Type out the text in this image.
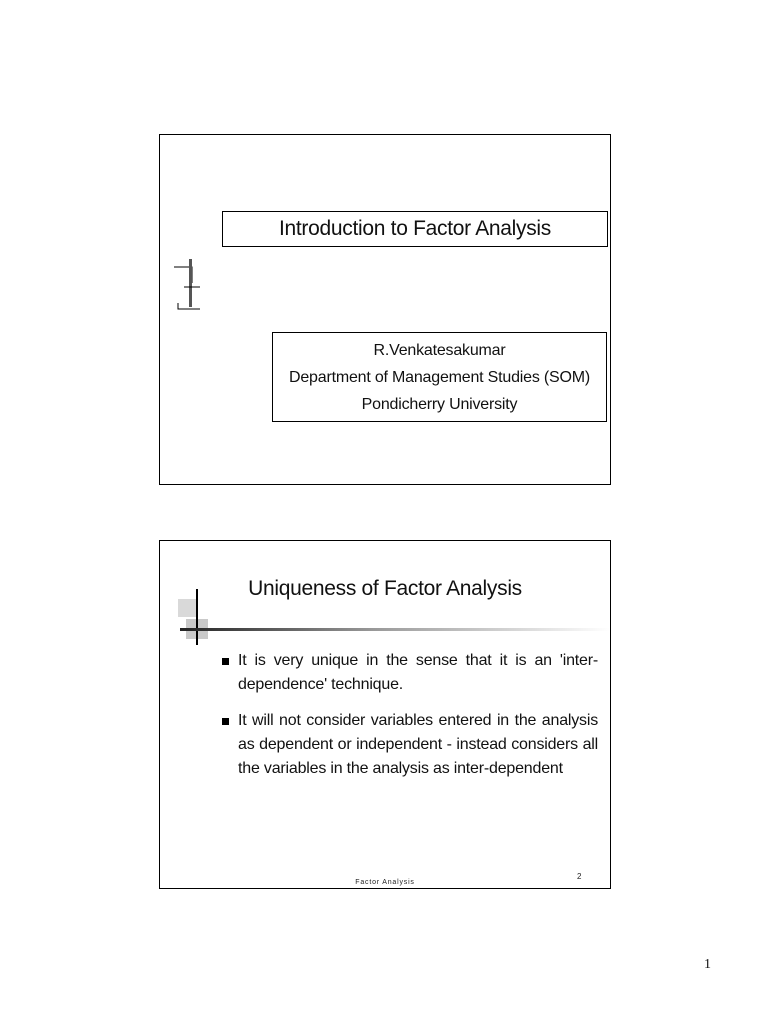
Introduction to Factor Analysis
R.Venkatesakumar
Department of Management Studies (SOM)
Pondicherry University
Uniqueness of Factor Analysis
It is very unique in the sense that it is an 'inter-dependence' technique.
It will not consider variables entered in the analysis as dependent or independent - instead considers all the variables in the analysis as inter-dependent
Factor Analysis
2
1
